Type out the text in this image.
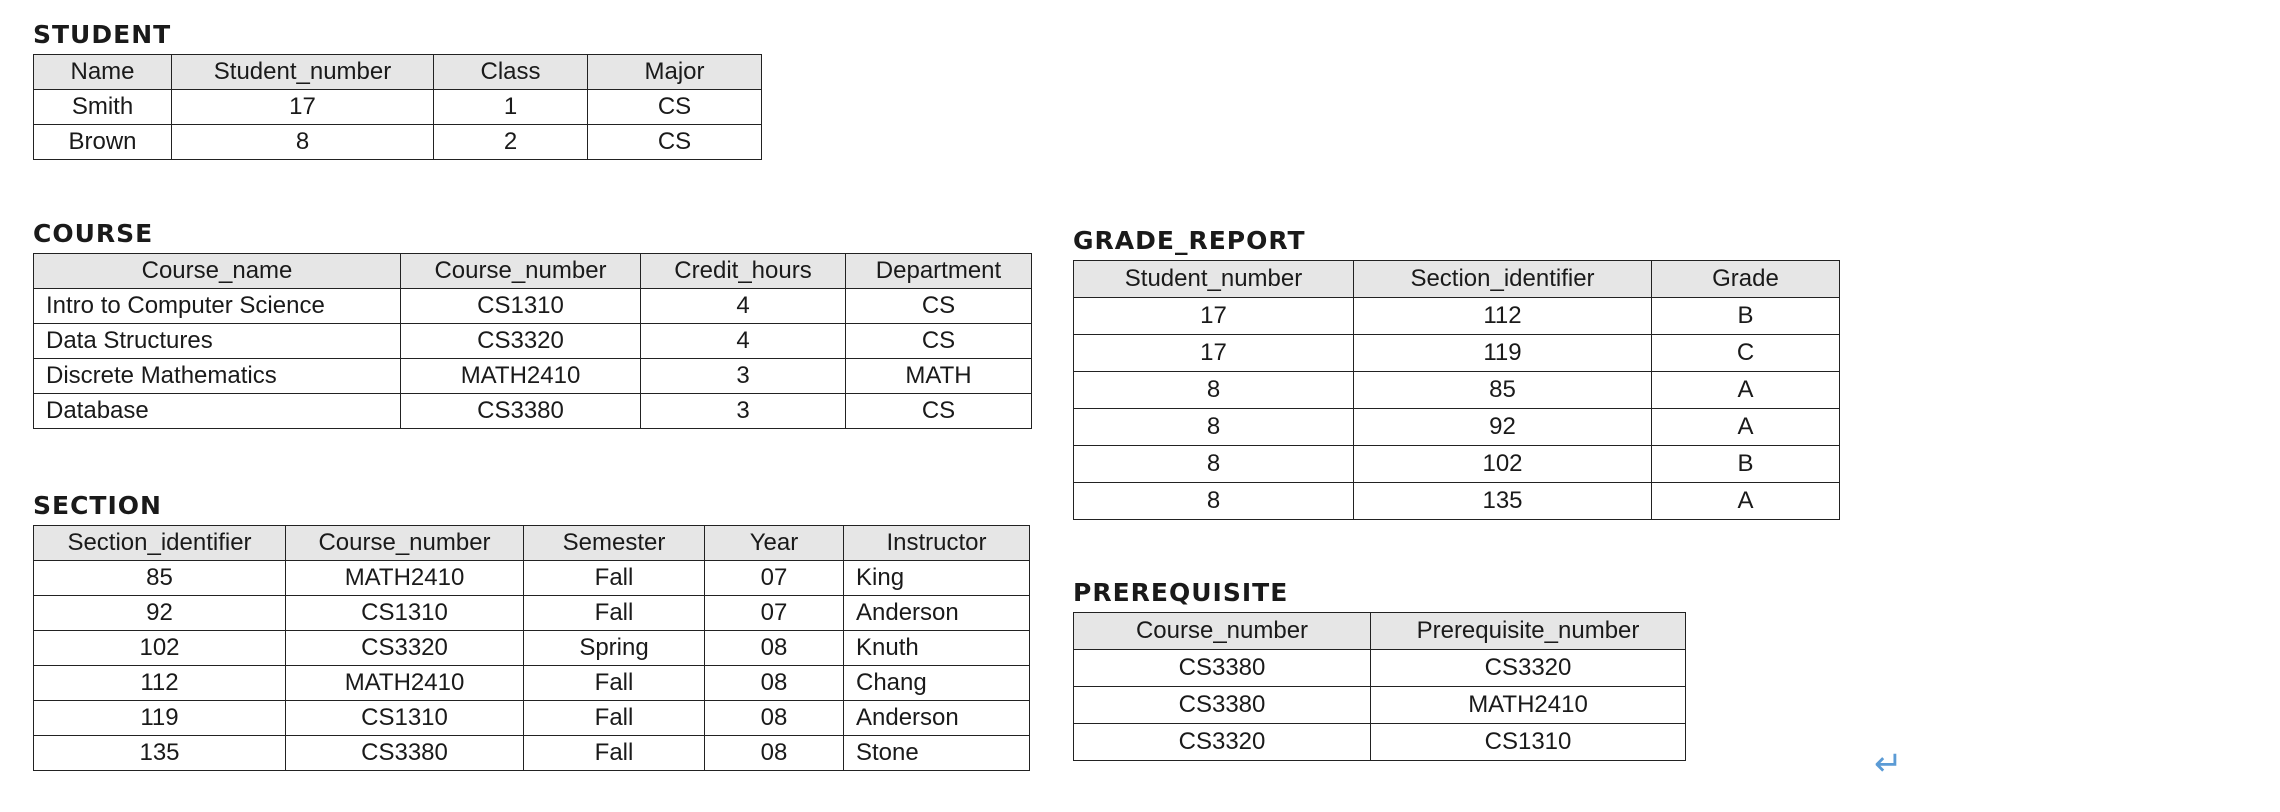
STUDENT
Name	Student_number	Class	Major
Smith	17	1	CS
Brown	8	2	CS
COURSE
Course_name	Course_number	Credit_hours	Department
Intro to Computer Science	CS1310	4	CS
Data Structures	CS3320	4	CS
Discrete Mathematics	MATH2410	3	MATH
Database	CS3380	3	CS
SECTION
Section_identifier	Course_number	Semester	Year	Instructor
85	MATH2410	Fall	07	King
92	CS1310	Fall	07	Anderson
102	CS3320	Spring	08	Knuth
112	MATH2410	Fall	08	Chang
119	CS1310	Fall	08	Anderson
135	CS3380	Fall	08	Stone
GRADE_REPORT
Student_number	Section_identifier	Grade
17	112	B
17	119	C
8	85	A
8	92	A
8	102	B
8	135	A
PREREQUISITE
Course_number	Prerequisite_number
CS3380	CS3320
CS3380	MATH2410
CS3320	CS1310
↵
